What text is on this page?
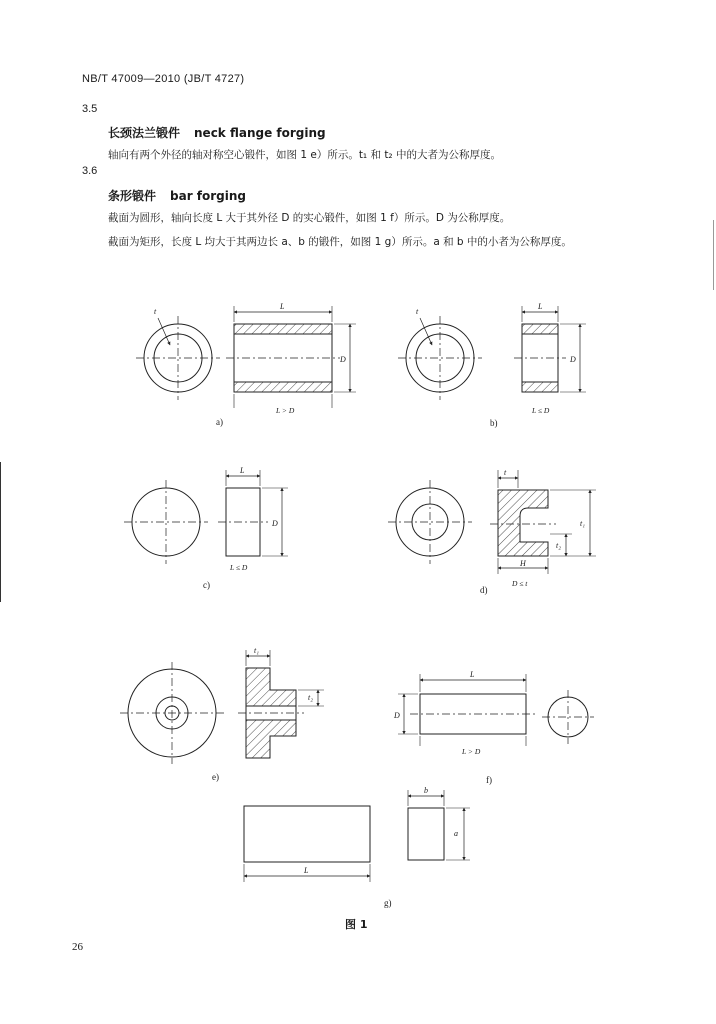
NB/T 47009—2010 (JB/T 4727)
3.5
长颈法兰锻件 neck flange forging
轴向有两个外径的轴对称空心锻件，如图 1 e）所示。t₁ 和 t₂ 中的大者为公称厚度。
3.6
条形锻件 bar forging
截面为圆形，轴向长度 L 大于其外径 D 的实心锻件，如图 1 f）所示。D 为公称厚度。
截面为矩形，长度 L 均大于其两边长 a、b 的锻件，如图 1 g）所示。a 和 b 中的小者为公称厚度。
L
D
t
L
D
t
L
D
t
t₁
t₂
H
t₁
t₂
L
D
L
b
a
L > D	L ≤ D
L ≤ D
D ≤ t
L > D
a)	b)
c)	d)
e)	f)
g)
图 1
26
